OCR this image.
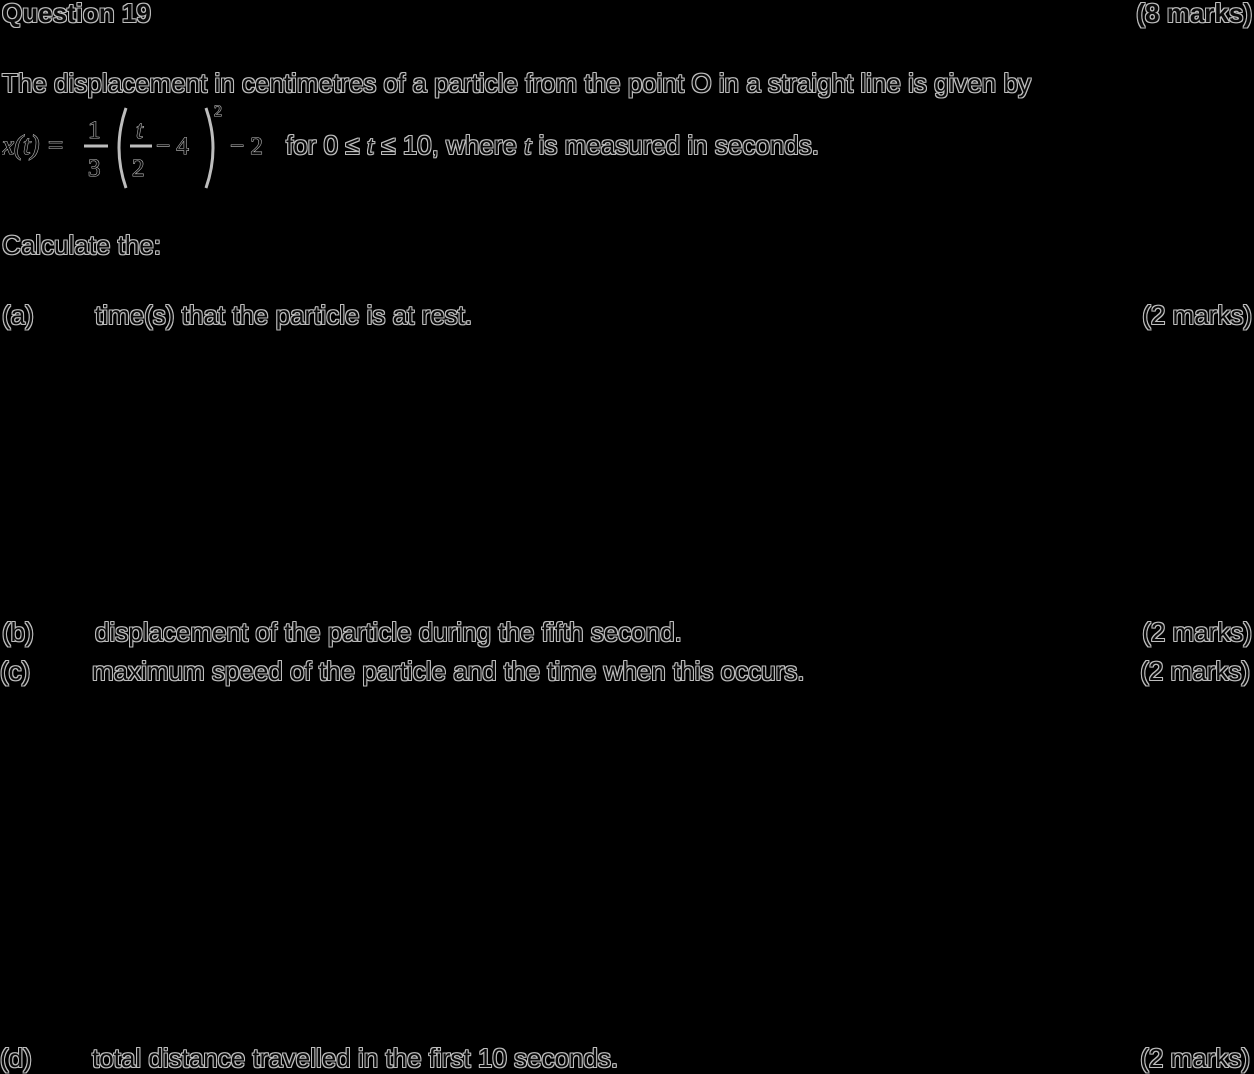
Question 19	(8 marks)
The displacement in centimetres of a particle from the point O in a straight line is given by
x(t) = 1
3
t
2
− 4
2
− 2 for 0 ≤ t ≤ 10, where t is measured in seconds.
Calculate the:
(a) time(s) that the particle is at rest.	(2 marks)
(b) displacement of the particle during the fifth second.	(2 marks)
(c) maximum speed of the particle and the time when this occurs.	(2 marks)
(d) total distance travelled in the first 10 seconds.	(2 marks)
